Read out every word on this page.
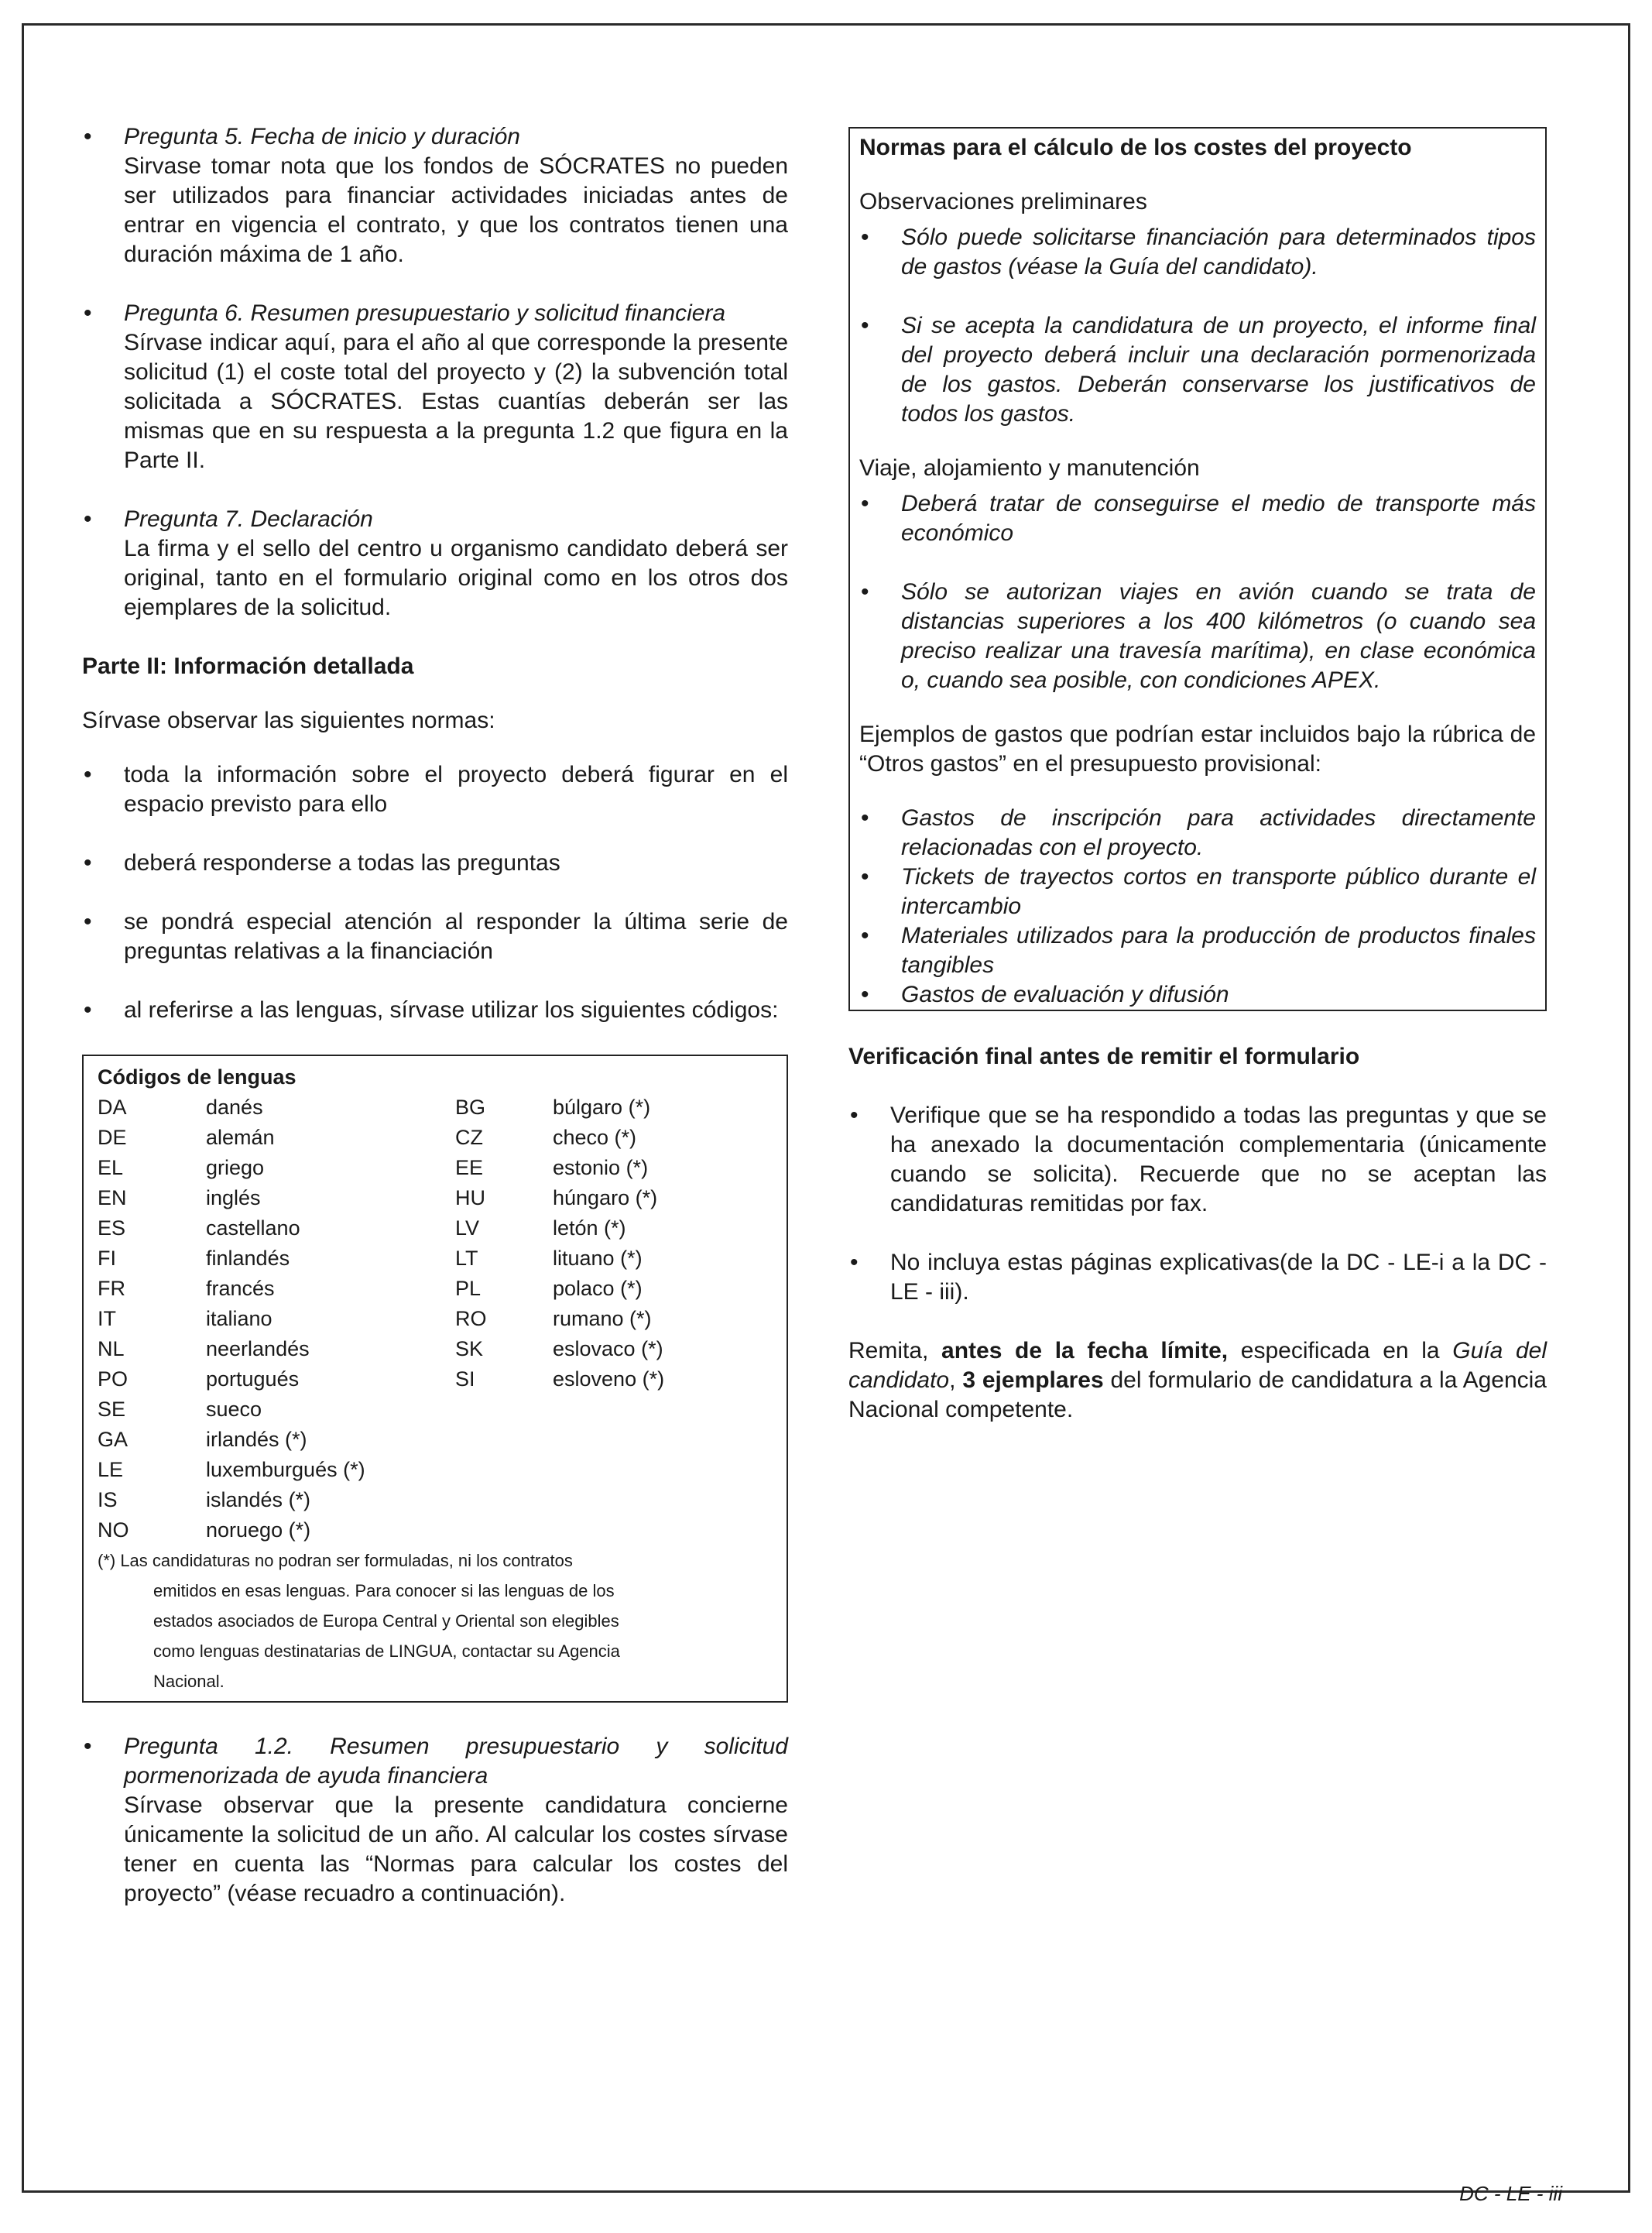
• Pregunta 5. Fecha de inicio y duración

Sirvase tomar nota que los fondos de SÓCRATES no pueden ser utilizados para financiar actividades iniciadas antes de entrar en vigencia el contrato, y que los contratos tienen una duración máxima de 1 año.

• Pregunta 6. Resumen presupuestario y solicitud financiera

Sírvase indicar aquí, para el año al que corresponde la presente solicitud (1) el coste total del proyecto y (2) la subvención total solicitada a SÓCRATES. Estas cuantías deberán ser las mismas que en su respuesta a la pregunta 1.2 que figura en la Parte II.

• Pregunta 7. Declaración

La firma y el sello del centro u organismo candidato deberá ser original, tanto en el formulario original como en los otros dos ejemplares de la solicitud.

Parte II: Información detallada

Sírvase observar las siguientes normas:

• toda la información sobre el proyecto deberá figurar en el espacio previsto para ello

• deberá responderse a todas las preguntas

• se pondrá especial atención al responder la última serie de preguntas relativas a la financiación

• al referirse a las lenguas, sírvase utilizar los siguientes códigos:

Códigos de lenguas
DA	danés	BG	búlgaro (*)
DE	alemán	CZ	checo (*)
EL	griego	EE	estonio (*)
EN	inglés	HU	húngaro (*)
ES	castellano	LV	letón (*)
FI	finlandés	LT	lituano (*)
FR	francés	PL	polaco (*)
IT	italiano	RO	rumano (*)
NL	neerlandés	SK	eslovaco (*)
PO	portugués	SI	esloveno (*)
SE	sueco
GA	irlandés (*)
LE	luxemburgués (*)
IS	islandés (*)
NO	noruego (*)
(*) Las candidaturas no podran ser formuladas, ni los contratos
emitidos en esas lenguas. Para conocer si las lenguas de los
estados asociados de Europa Central y Oriental son elegibles
como lenguas destinatarias de LINGUA, contactar su Agencia
Nacional.

• Pregunta 1.2. Resumen presupuestario y solicitud pormenorizada de ayuda financiera

Sírvase observar que la presente candidatura concierne únicamente la solicitud de un año. Al calcular los costes sírvase tener en cuenta las “Normas para calcular los costes del proyecto” (véase recuadro a continuación).

Normas para el cálculo de los costes del proyecto

Observaciones preliminares

• Sólo puede solicitarse financiación para determinados tipos de gastos (véase la Guía del candidato).

• Si se acepta la candidatura de un proyecto, el informe final del proyecto deberá incluir una declaración pormenorizada de los gastos. Deberán conservarse los justificativos de todos los gastos.

Viaje, alojamiento y manutención

• Deberá tratar de conseguirse el medio de transporte más económico

• Sólo se autorizan viajes en avión cuando se trata de distancias superiores a los 400 kilómetros (o cuando sea preciso realizar una travesía marítima), en clase económica o, cuando sea posible, con condiciones APEX.

Ejemplos de gastos que podrían estar incluidos bajo la rúbrica de “Otros gastos” en el presupuesto provisional:

• Gastos de inscripción para actividades directamente relacionadas con el proyecto.

• Tickets de trayectos cortos en transporte público durante el intercambio

• Materiales utilizados para la producción de productos finales tangibles

• Gastos de evaluación y difusión

Verificación final antes de remitir el formulario

• Verifique que se ha respondido a todas las preguntas y que se ha anexado la documentación complementaria (únicamente cuando se solicita). Recuerde que no se aceptan las candidaturas remitidas por fax.

• No incluya estas páginas explicativas(de la DC - LE-i a la DC - LE - iii).

Remita, antes de la fecha límite, especificada en la Guía del candidato, 3 ejemplares del formulario de candidatura a la Agencia Nacional competente.

DC - LE - iii
